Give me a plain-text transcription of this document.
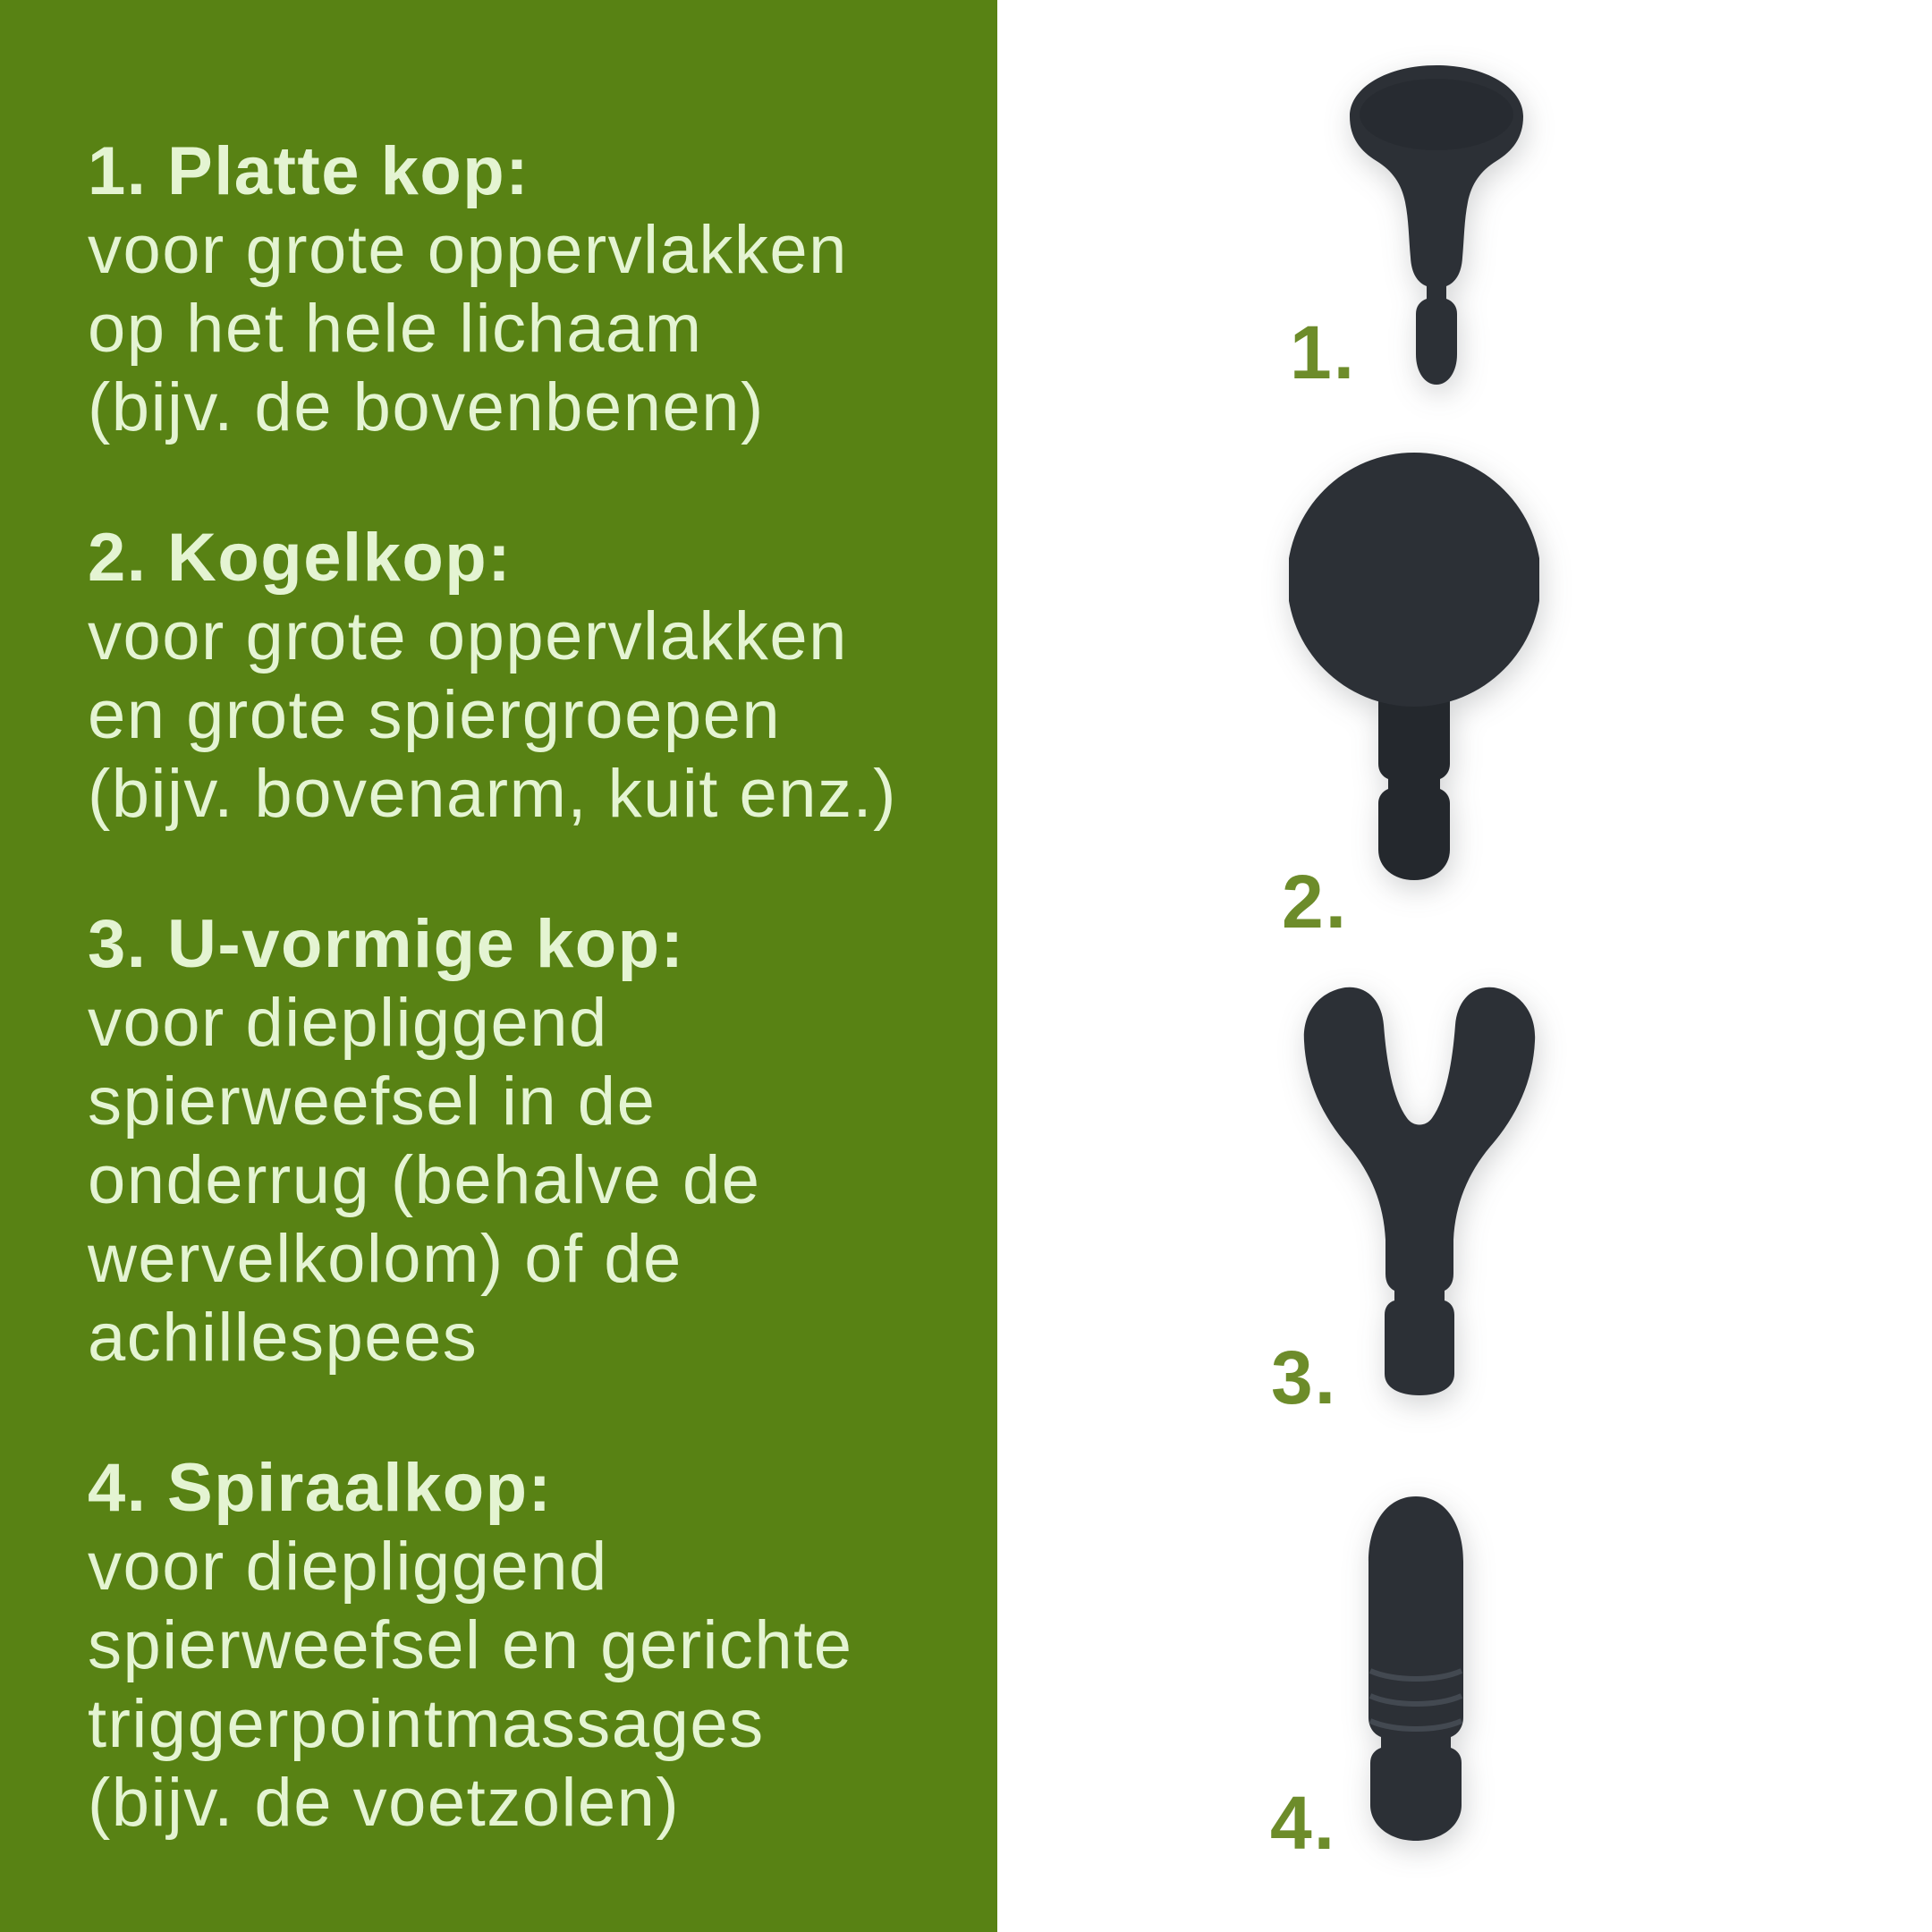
1. Platte kop:
voor grote oppervlakken
op het hele lichaam
(bijv. de bovenbenen)
2. Kogelkop:
voor grote oppervlakken
en grote spiergroepen
(bijv. bovenarm, kuit enz.)
3. U-vormige kop:
voor diepliggend
spierweefsel in de
onderrug (behalve de
wervelkolom) of de
achillespees
4. Spiraalkop:
voor diepliggend
spierweefsel en gerichte
triggerpointmassages
(bijv. de voetzolen)
1.
2.
3.
4.
